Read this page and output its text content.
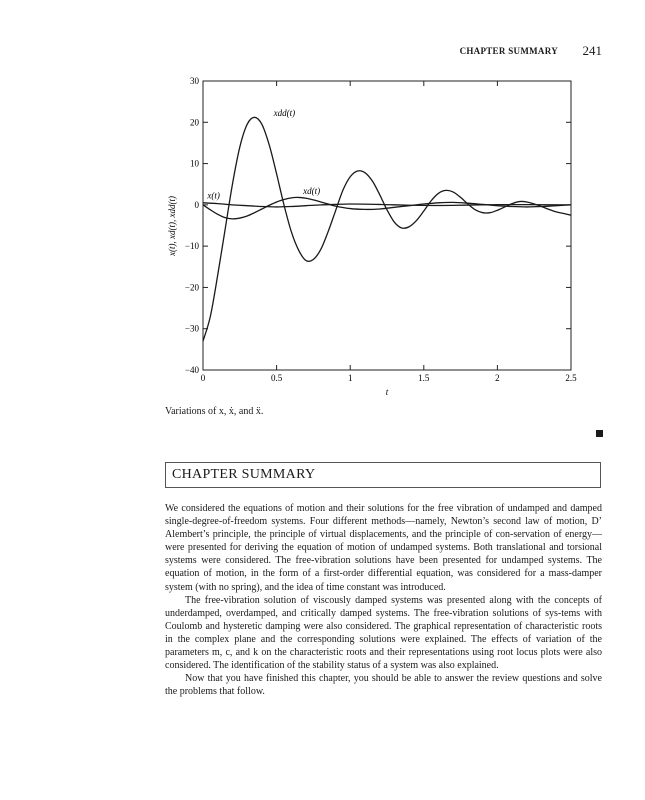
CHAPTER SUMMARY 241
0	0.5	1	1.5	2	2.5
30
20
10
0
−10
−20
−30
−40
x(t)	xd(t)
xdd(t)
t
x(t), xd(t), xdd(t)
Variations of x, ẋ, and ẍ.
CHAPTER SUMMARY

We considered the equations of motion and their solutions for the free vibration of undamped and damped single-degree-of-freedom systems. Four different methods—namely, Newton’s second law of motion, D’ Alembert’s principle, the principle of virtual displacements, and the principle of con-servation of energy—were presented for deriving the equation of motion of undamped systems. Both translational and torsional systems were considered. The free-vibration solutions have been presented for undamped systems. The equation of motion, in the form of a first-order differential equation, was considered for a mass-damper system (with no spring), and the idea of time constant was introduced.

The free-vibration solution of viscously damped systems was presented along with the concepts of underdamped, overdamped, and critically damped systems. The free-vibration solutions of sys-tems with Coulomb and hysteretic damping were also considered. The graphical representation of characteristic roots in the complex plane and the corresponding solutions were explained. The effects of variation of the parameters m, c, and k on the characteristic roots and their representations using root locus plots were also considered. The identification of the stability status of a system was also explained.

Now that you have finished this chapter, you should be able to answer the review questions and solve the problems that follow.
